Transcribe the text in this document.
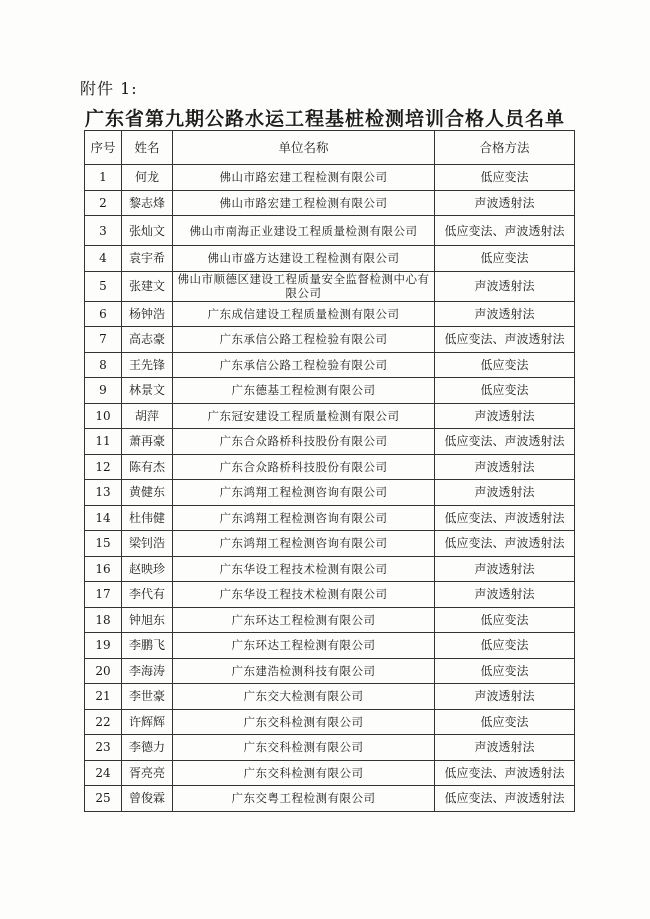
附件 1:
广东省第九期公路水运工程基桩检测培训合格人员名单
序号	姓名	单位名称	合格方法
1	何龙	佛山市路宏建工程检测有限公司	低应变法
2	黎志烽	佛山市路宏建工程检测有限公司	声波透射法
3	张灿文	佛山市南海正业建设工程质量检测有限公司	低应变法、声波透射法
4	袁宇希	佛山市盛方达建设工程检测有限公司	低应变法
5	张建文	佛山市顺德区建设工程质量安全监督检测中心有限公司	声波透射法
6	杨钟浩	广东成信建设工程质量检测有限公司	声波透射法
7	高志豪	广东承信公路工程检验有限公司	低应变法、声波透射法
8	王先锋	广东承信公路工程检验有限公司	低应变法
9	林景文	广东德基工程检测有限公司	低应变法
10	胡萍	广东冠安建设工程质量检测有限公司	声波透射法
11	萧再豪	广东合众路桥科技股份有限公司	低应变法、声波透射法
12	陈有杰	广东合众路桥科技股份有限公司	声波透射法
13	黄健东	广东鸿翔工程检测咨询有限公司	声波透射法
14	杜伟健	广东鸿翔工程检测咨询有限公司	低应变法、声波透射法
15	梁钊浩	广东鸿翔工程检测咨询有限公司	低应变法、声波透射法
16	赵映珍	广东华设工程技术检测有限公司	声波透射法
17	李代有	广东华设工程技术检测有限公司	声波透射法
18	钟旭东	广东环达工程检测有限公司	低应变法
19	李鹏飞	广东环达工程检测有限公司	低应变法
20	李海涛	广东建浩检测科技有限公司	低应变法
21	李世豪	广东交大检测有限公司	声波透射法
22	许辉辉	广东交科检测有限公司	低应变法
23	李德力	广东交科检测有限公司	声波透射法
24	胥亮亮	广东交科检测有限公司	低应变法、声波透射法
25	曾俊霖	广东交粤工程检测有限公司	低应变法、声波透射法
